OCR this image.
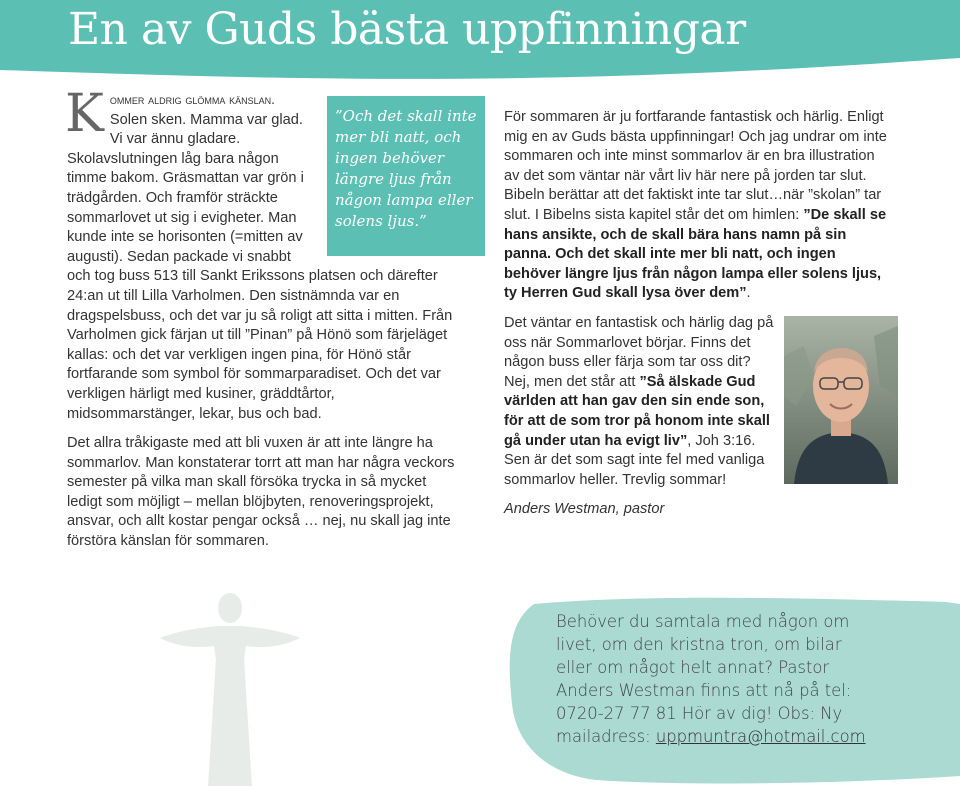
En av Guds bästa uppfinningar

K	”Och det skall inte mer bli natt, och ingen behöver längre ljus från någon lampa eller solens ljus.”
ommer aldrig glömma känslan. Solen sken. Mamma var glad. Vi var ännu gladare. Skolavslutningen låg bara någon timme bakom. Gräsmattan var grön i trädgården. Och framför sträckte sommarlovet ut sig i evigheter. Man kunde inte se horisonten (=mitten av augusti). Sedan packade vi snabbt och tog buss 513 till Sankt Erikssons platsen och därefter 24:an ut till Lilla Varholmen. Den sistnämnda var en dragspelsbuss, och det var ju så roligt att sitta i mitten. Från Varholmen gick färjan ut till ”Pinan” på Hönö som färjeläget kallas: och det var verkligen ingen pina, för Hönö står fortfarande som symbol för sommarparadiset. Och det var verkligen härligt med kusiner, gräddtårtor, midsommarstänger, lekar, bus och bad.

Det allra tråkigaste med att bli vuxen är att inte längre ha sommarlov. Man konstaterar torrt att man har några veckors semester på vilka man skall försöka trycka in så mycket ledigt som möjligt – mellan blöjbyten, renoveringsprojekt, ansvar, och allt kostar pengar också … nej, nu skall jag inte förstöra känslan för sommaren.

För sommaren är ju fortfarande fantastisk och härlig. Enligt mig en av Guds bästa uppfinningar! Och jag undrar om inte sommaren och inte minst sommarlov är en bra illustration av det som väntar när vårt liv här nere på jorden tar slut. Bibeln berättar att det faktiskt inte tar slut…när ”skolan” tar slut. I Bibelns sista kapitel står det om himlen: ”De skall se hans ansikte, och de skall bära hans namn på sin panna. Och det skall inte mer bli natt, och ingen behöver längre ljus från någon lampa eller solens ljus, ty Herren Gud skall lysa över dem”.

Det väntar en fantastisk och härlig dag på oss när Sommarlovet börjar. Finns det någon buss eller färja som tar oss dit? Nej, men det står att ”Så älskade Gud världen att han gav den sin ende son, för att de som tror på honom inte skall gå under utan ha evigt liv”, Joh 3:16. Sen är det som sagt inte fel med vanliga sommarlov heller. Trevlig sommar!

Anders Westman, pastor

Behöver du samtala med någon om livet, om den kristna tron, om bilar eller om något helt annat? Pastor Anders Westman finns att nå på tel: 0720-27 77 81 Hör av dig! Obs: Ny mailadress: uppmuntra@hotmail.com
